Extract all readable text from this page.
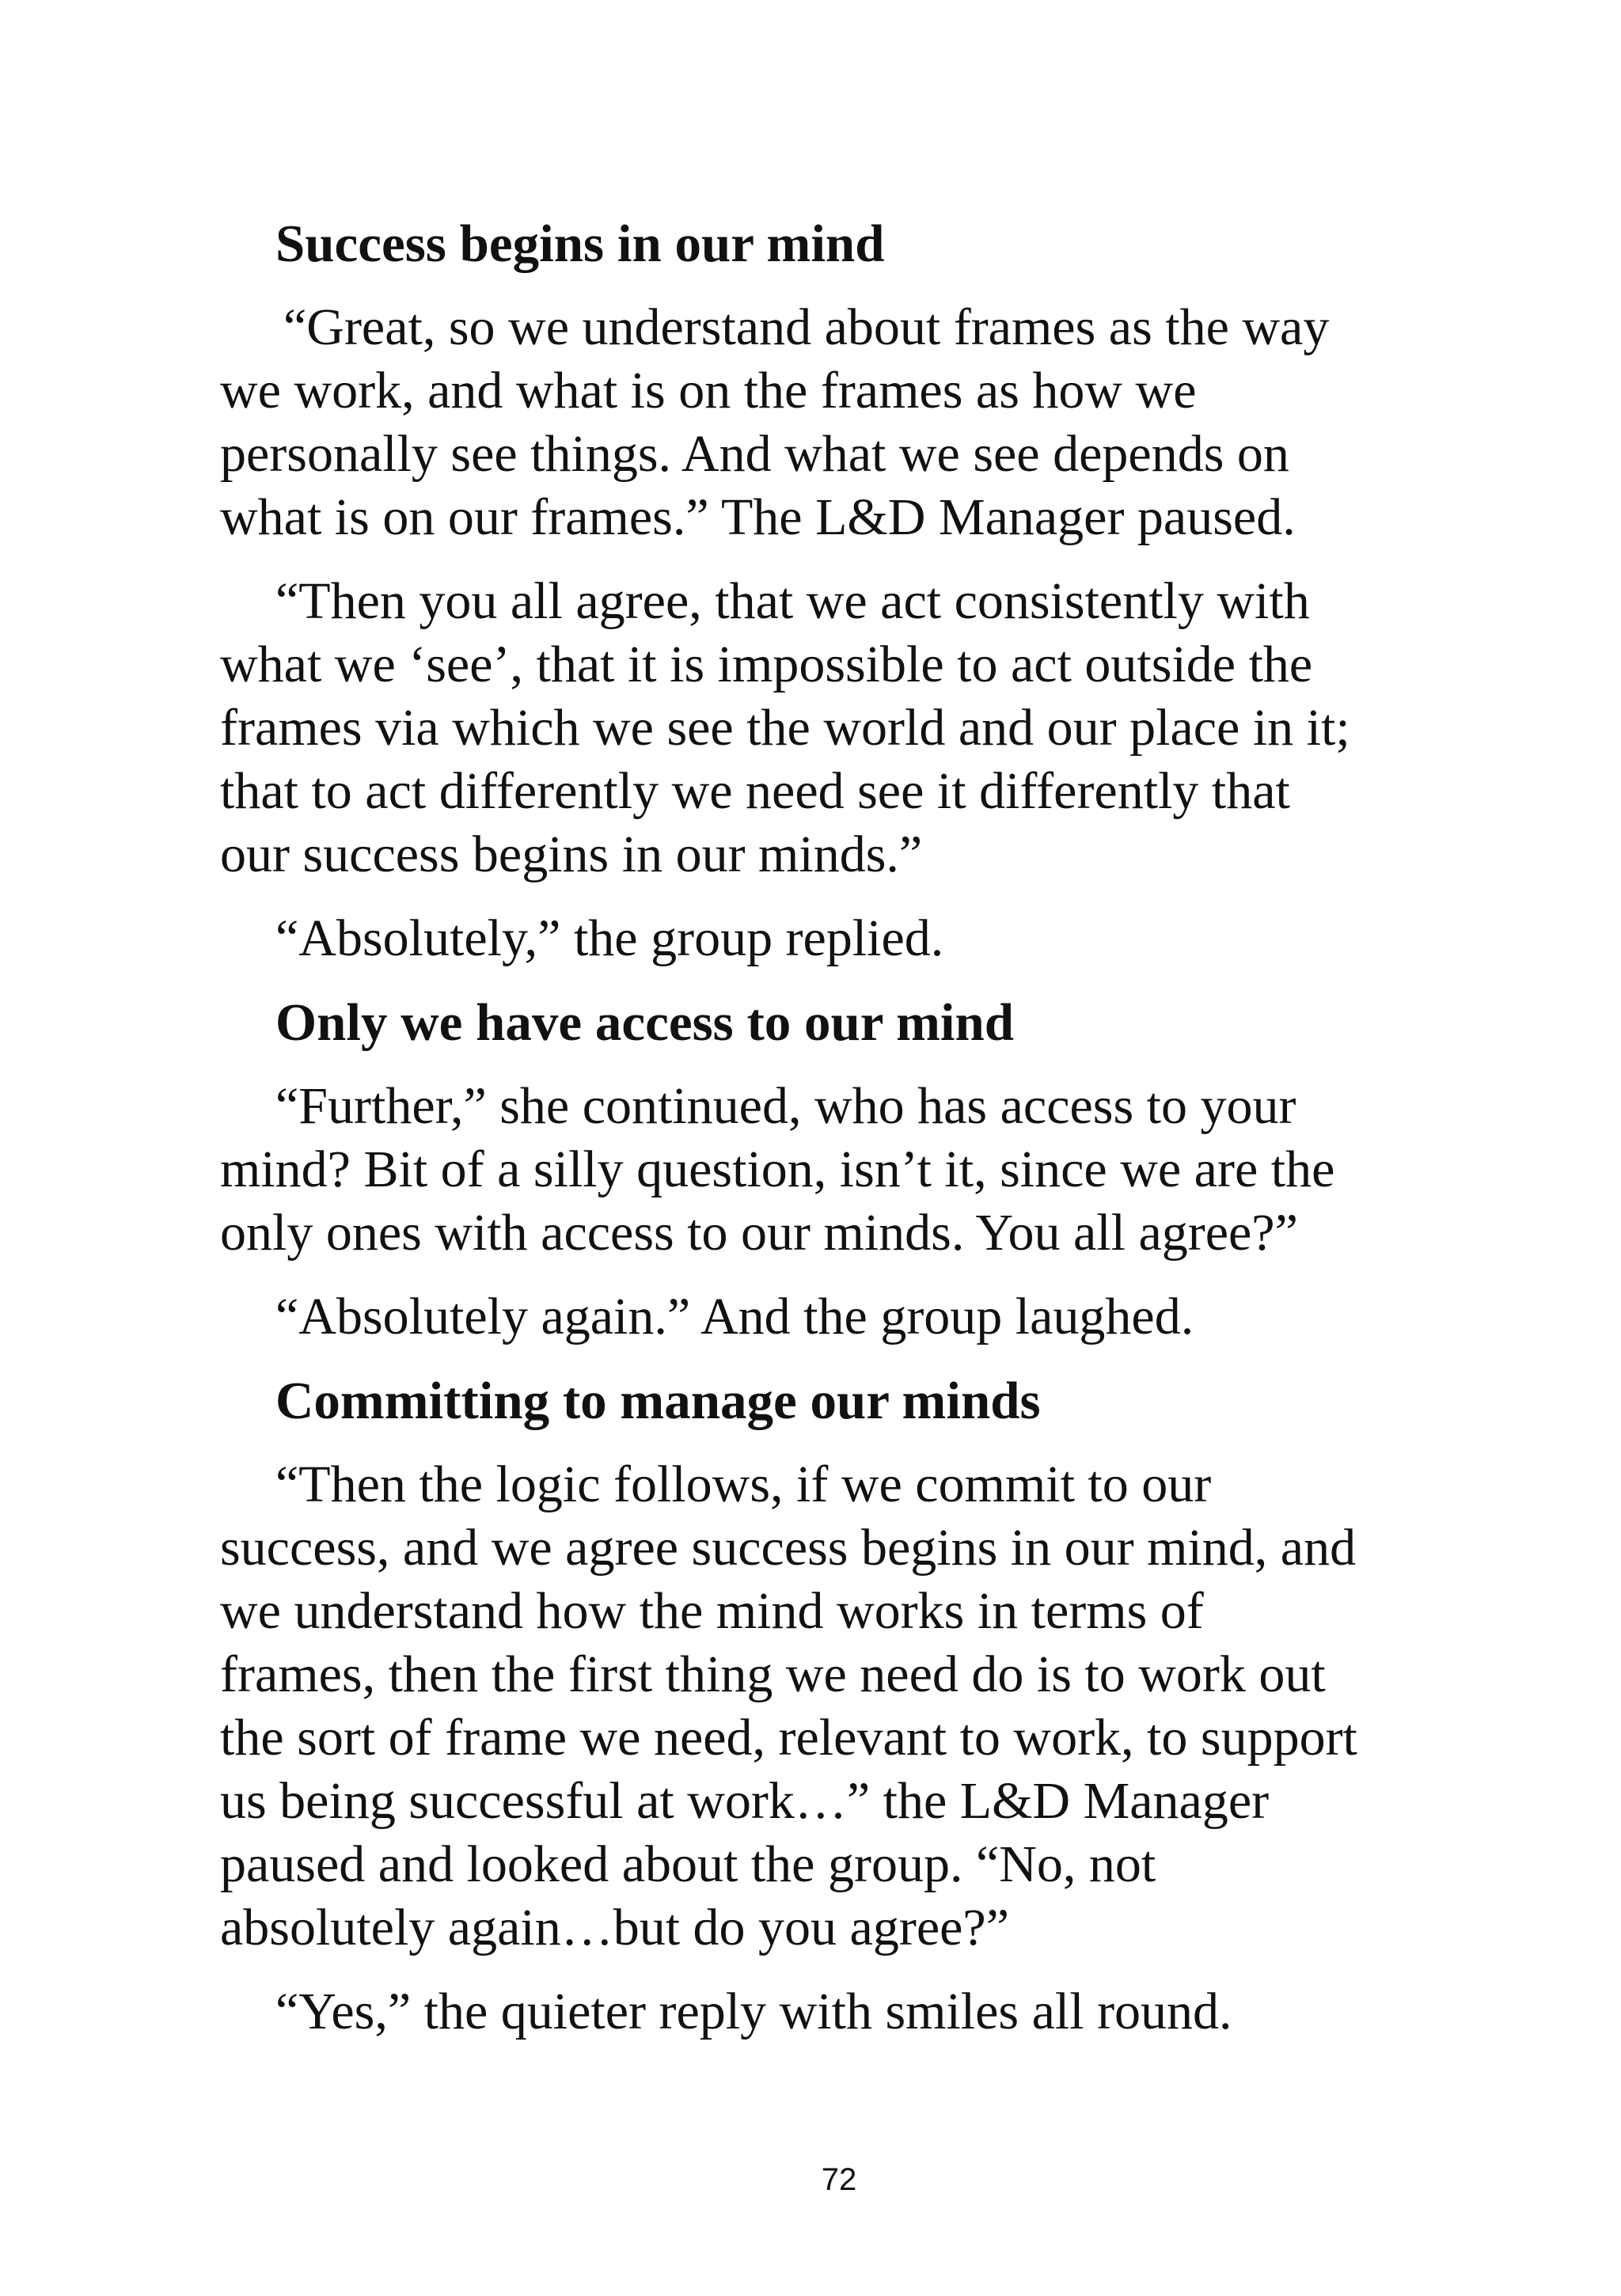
Success begins in our mind
“Great, so we understand about frames as the way
we work, and what is on the frames as how we
personally see things. And what we see depends on
what is on our frames.” The L&D Manager paused.
“Then you all agree, that we act consistently with
what we ‘see’, that it is impossible to act outside the
frames via which we see the world and our place in it;
that to act differently we need see it differently that
our success begins in our minds.”
“Absolutely,” the group replied.
Only we have access to our mind
“Further,” she continued, who has access to your
mind? Bit of a silly question, isn’t it, since we are the
only ones with access to our minds. You all agree?”
“Absolutely again.” And the group laughed.
Committing to manage our minds
“Then the logic follows, if we commit to our
success, and we agree success begins in our mind, and
we understand how the mind works in terms of
frames, then the first thing we need do is to work out
the sort of frame we need, relevant to work, to support
us being successful at work…” the L&D Manager
paused and looked about the group. “No, not
absolutely again…but do you agree?”
“Yes,” the quieter reply with smiles all round.
72
